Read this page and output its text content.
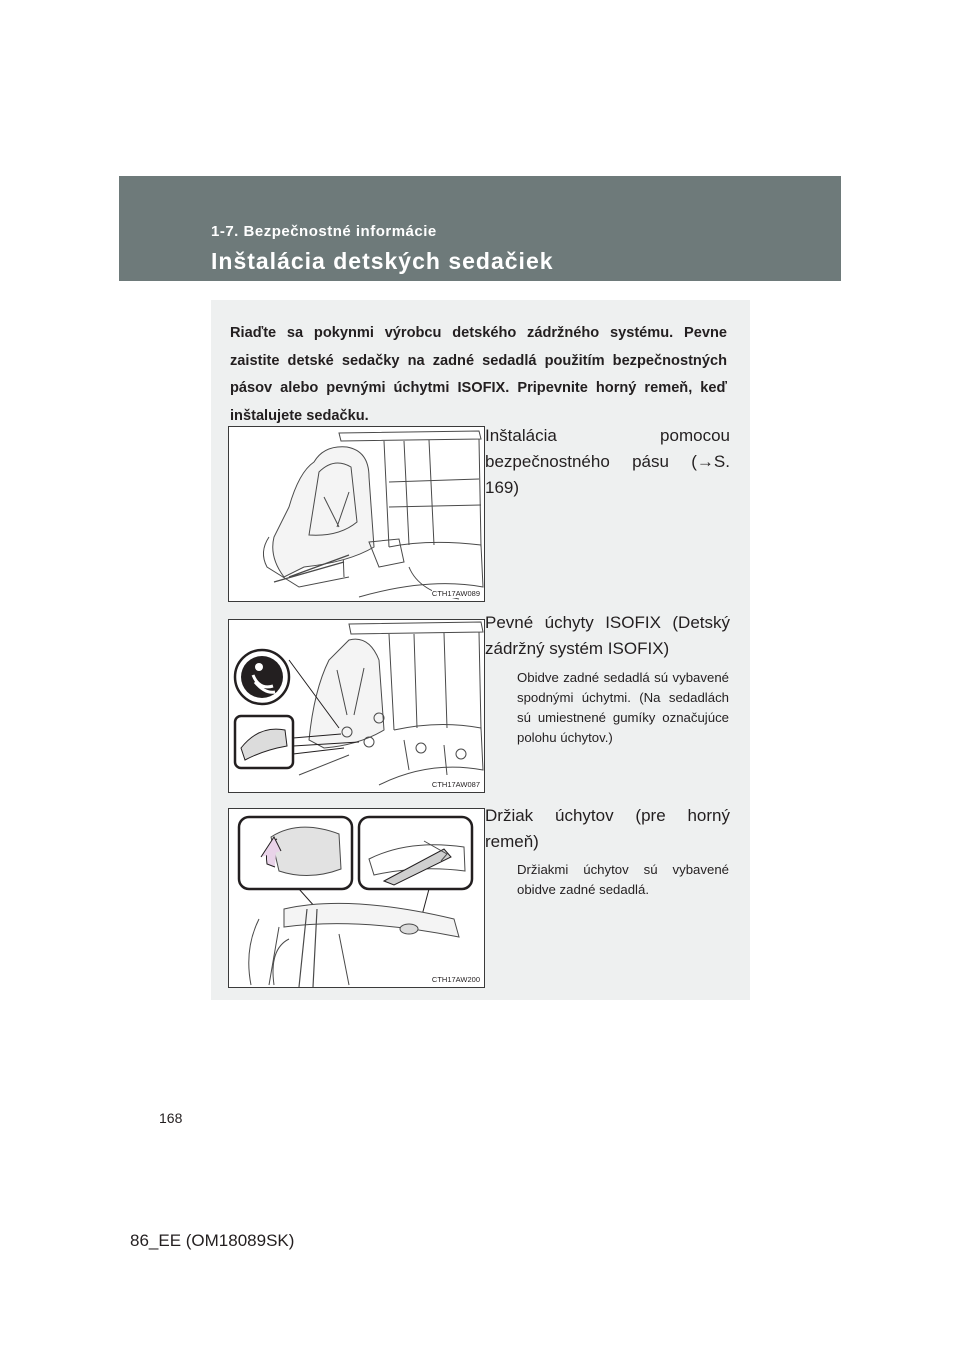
1-7. Bezpečnostné informácie
Inštalácia detských sedačiek
Riaďte sa pokynmi výrobcu detského zádržného systému. Pevne zaistite detské sedačky na zadné sedadlá použitím bezpečnostných pásov alebo pevnými úchytmi ISOFIX. Pripevnite horný remeň, keď inštalujete sedačku.
CTH17AW089
Inštalácia pomocou bezpečnostného pásu (→S. 169)
CTH17AW087
Pevné úchyty ISOFIX (Detský zádržný systém ISOFIX)
Obidve zadné sedadlá sú vybavené spodnými úchytmi. (Na sedadlách sú umiestnené gumíky označujúce polohu úchytov.)
CTH17AW200
Držiak úchytov (pre horný remeň)
Držiakmi úchytov sú vybavené obidve zadné sedadlá.
168
86_EE (OM18089SK)
